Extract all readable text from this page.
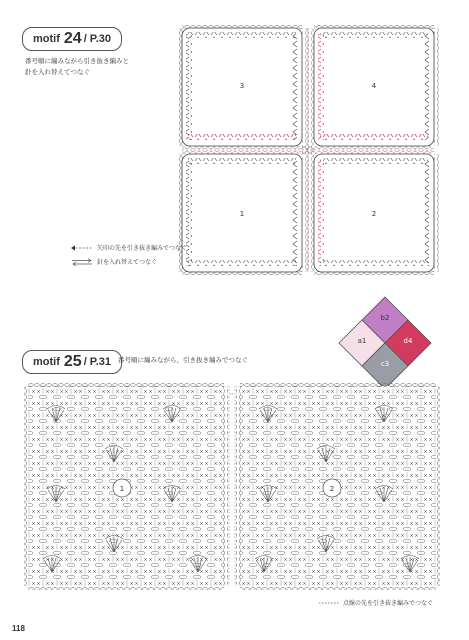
motif 24 / P.30
番号順に編みながら引き抜き編みと
針を入れ替えてつなぐ
3	4
1	2
矢印の先を引き抜き編みでつなぐ
針を入れ替えてつなぐ
b2
a1	d4
c3
motif 25 / P.31 番号順に編みながら、引き抜き編みでつなぐ
1	2
点線の先を引き抜き編みでつなぐ
118
